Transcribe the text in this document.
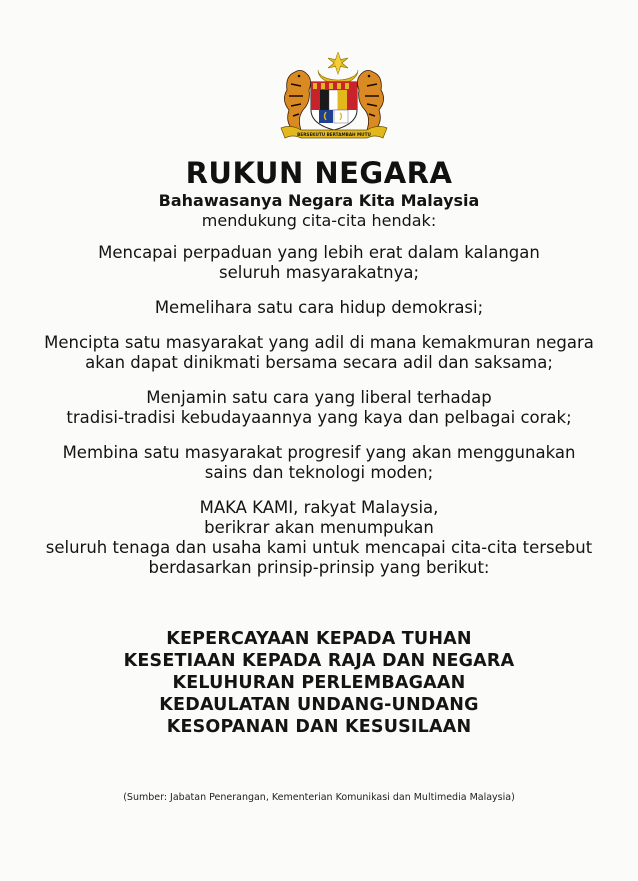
BERSEKUTU BERTAMBAH MUTU
RUKUN NEGARA
Bahawasanya Negara Kita Malaysia
mendukung cita-cita hendak:
Mencapai perpaduan yang lebih erat dalam kalangan
seluruh masyarakatnya;
Memelihara satu cara hidup demokrasi;
Mencipta satu masyarakat yang adil di mana kemakmuran negara
akan dapat dinikmati bersama secara adil dan saksama;
Menjamin satu cara yang liberal terhadap
tradisi-tradisi kebudayaannya yang kaya dan pelbagai corak;
Membina satu masyarakat progresif yang akan menggunakan
sains dan teknologi moden;
MAKA KAMI, rakyat Malaysia,
berikrar akan menumpukan
seluruh tenaga dan usaha kami untuk mencapai cita-cita tersebut
berdasarkan prinsip-prinsip yang berikut:
KEPERCAYAAN KEPADA TUHAN
KESETIAAN KEPADA RAJA DAN NEGARA
KELUHURAN PERLEMBAGAAN
KEDAULATAN UNDANG-UNDANG
KESOPANAN DAN KESUSILAAN
(Sumber: Jabatan Penerangan, Kementerian Komunikasi dan Multimedia Malaysia)
